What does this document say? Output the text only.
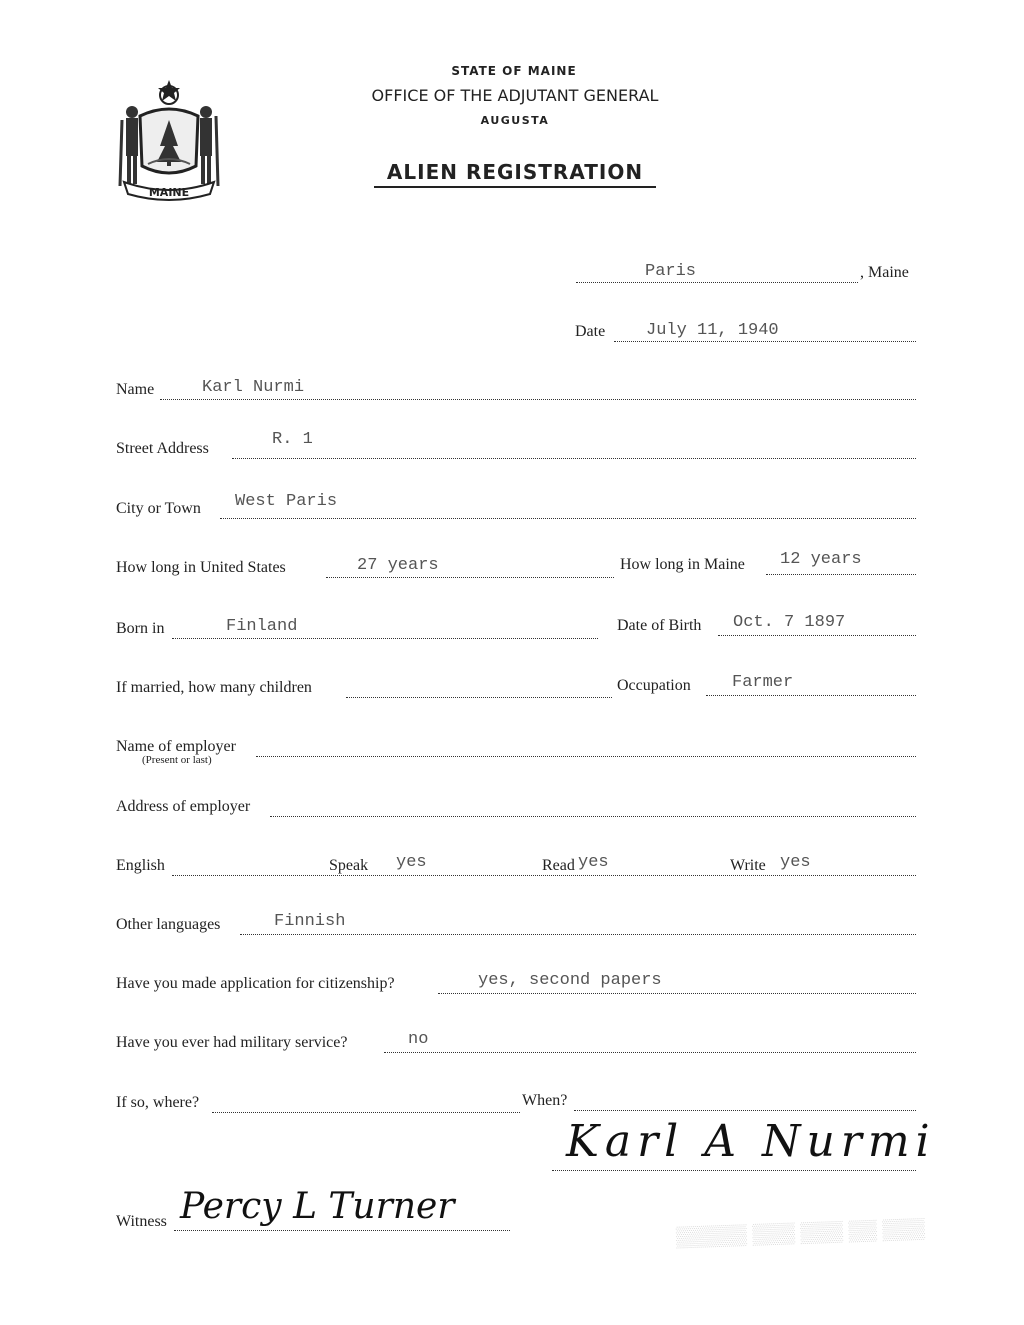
MAINE
STATE OF MAINE
OFFICE OF THE ADJUTANT GENERAL
AUGUSTA
ALIEN REGISTRATION
Paris	, Maine
Date July 11, 1940
Name	Karl Nurmi
Street Address	R. 1
City or Town West Paris
How long in United States	27 years	How long in Maine 12 years
Born in	Finland	Date of Birth Oct. 7 1897
If married, how many children	Occupation Farmer
Name of employer
(Present or last)
Address of employer
English	Speak yes	Read yes	Write yes
Other languages	Finnish
Have you made application for citizenship?	yes, second papers
Have you ever had military service?	no
If so, where?	When?
Karl A Nurmi
Witness Percy L Turner
▒▒▒▒▒ ▒▒▒ ▒▒▒ ▒▒ ▒▒▒
